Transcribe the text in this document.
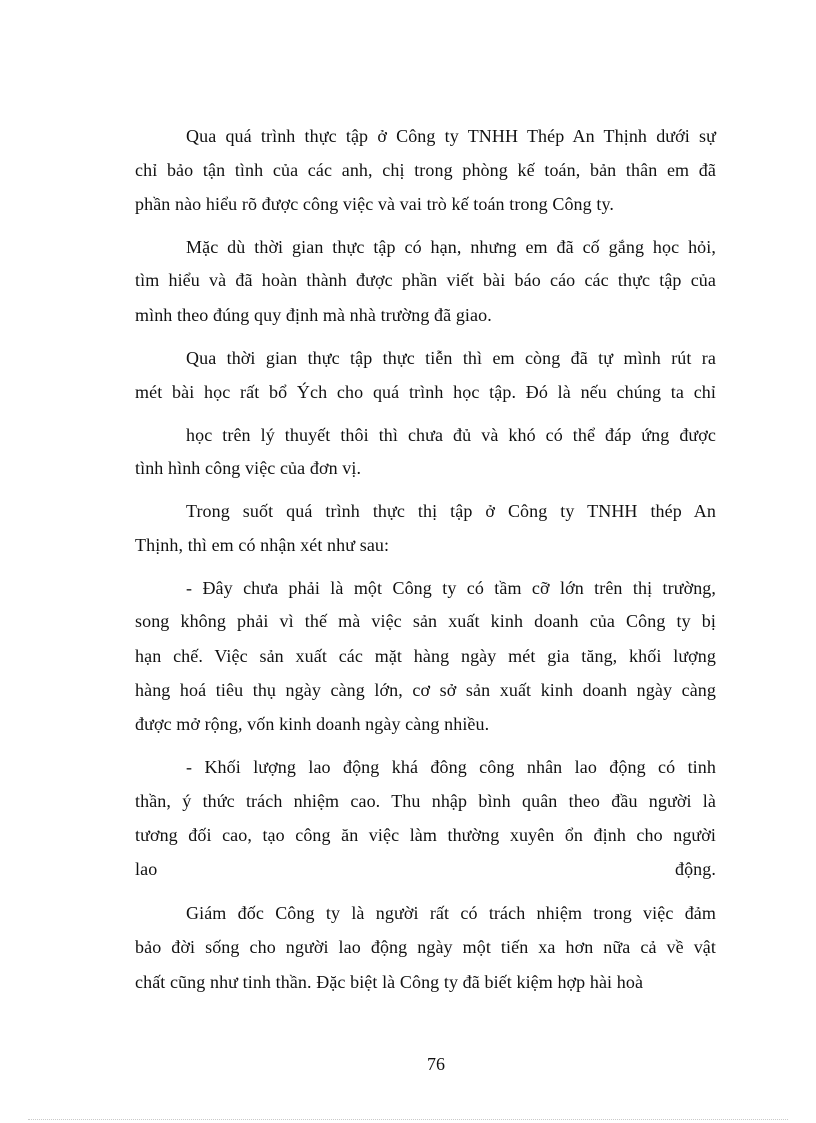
Qua quá trình thực tập ở Công ty TNHH Thép An Thịnh dưới sự
chỉ bảo tận tình của các anh, chị trong phòng kế toán, bản thân em đã
phần nào hiểu rõ được công việc và vai trò kế toán trong Công ty.
Mặc dù thời gian thực tập có hạn, nhưng em đã cố gắng học hỏi,
tìm hiểu và đã hoàn thành được phần viết bài báo cáo các thực tập của
mình theo đúng quy định mà nhà trường đã giao.
Qua thời gian thực tập thực tiễn thì em còng đã tự mình rút ra
mét bài học rất bổ Ých cho quá trình học tập. Đó là nếu chúng ta chỉ
học trên lý thuyết thôi thì chưa đủ và khó có thể đáp ứng được
tình hình công việc của đơn vị.
Trong suốt quá trình thực thị tập ở Công ty TNHH thép An
Thịnh, thì em có nhận xét như sau:
- Đây chưa phải là một Công ty có tầm cỡ lớn trên thị trường,
song không phải vì thế mà việc sản xuất kinh doanh của Công ty bị
hạn chế. Việc sản xuất các mặt hàng ngày mét gia tăng, khối lượng
hàng hoá tiêu thụ ngày càng lớn, cơ sở sản xuất kinh doanh ngày càng
được mở rộng, vốn kinh doanh ngày càng nhiều.
- Khối lượng lao động khá đông công nhân lao động có tinh
thần, ý thức trách nhiệm cao. Thu nhập bình quân theo đầu người là
tương đối cao, tạo công ăn việc làm thường xuyên ổn định cho người
lao                                                                          động.
Giám đốc Công ty là người rất có trách nhiệm trong việc đảm
bảo đời sống cho người lao động ngày một tiến xa hơn nữa cả về vật
chất cũng như tinh thần. Đặc biệt là Công ty đã biết kiệm hợp hài hoà
76
